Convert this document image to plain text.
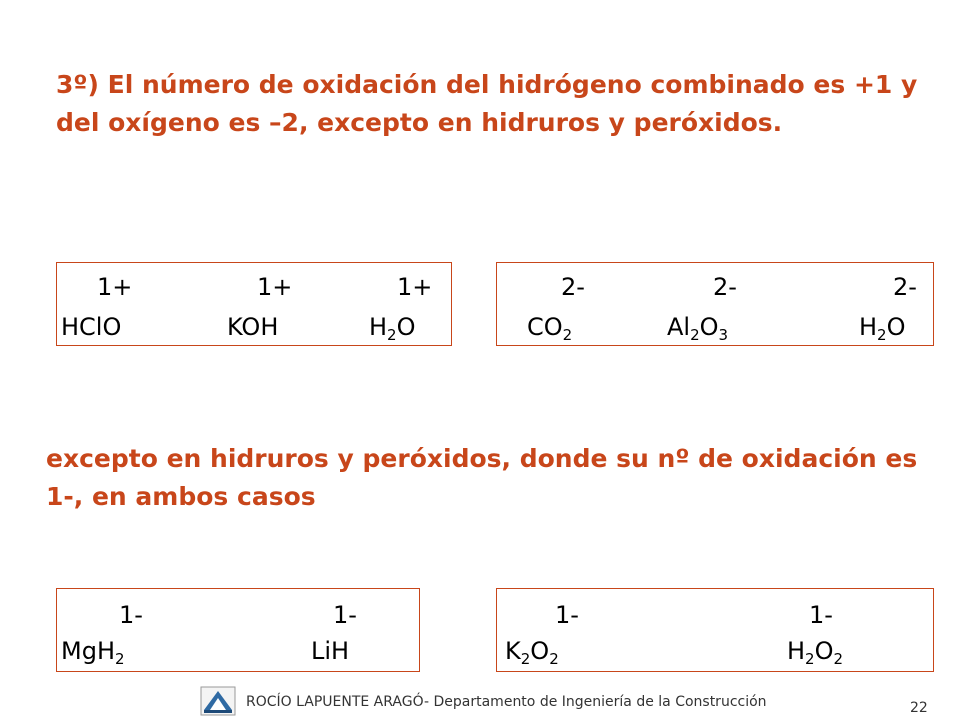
3º) El número de oxidación del hidrógeno combinado es +1 y del oxígeno es –2, excepto en hidruros y peróxidos.

1+	1+	1+
HClO	KOH	$H_2O$
2-	2-	2-
$CO_2$	$Al_2O_3$	$H_2O$

excepto en hidruros y peróxidos, donde su nº de oxidación es 1-, en ambos casos

1-	1-
MgH$_2$	LiH
1-	1-
$K_2O_2$	$H_2O_2$
ROCÍO LAPUENTE ARAGÓ- Departamento de Ingeniería de la Construcción	22
